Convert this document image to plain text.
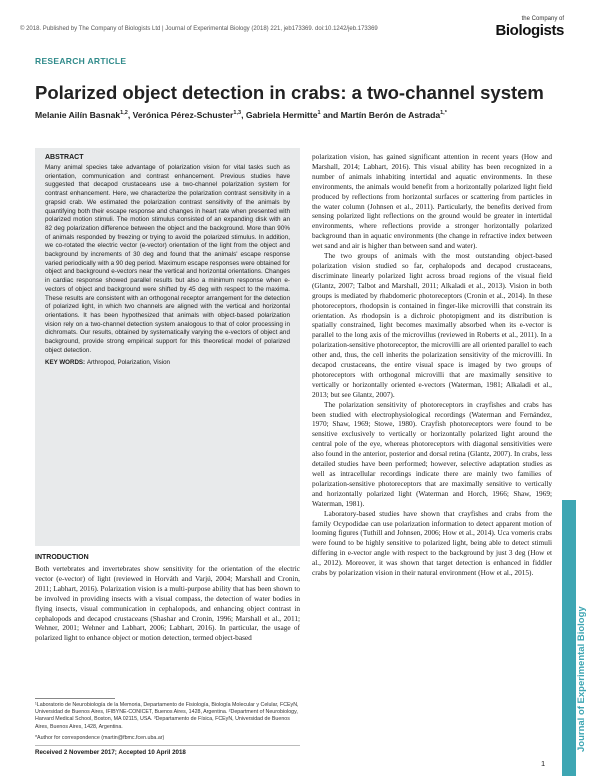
© 2018. Published by The Company of Biologists Ltd | Journal of Experimental Biology (2018) 221, jeb173369. doi:10.1242/jeb.173369
the Company of
Biologists
RESEARCH ARTICLE
Polarized object detection in crabs: a two-channel system
Melanie Ailín Basnak$^{1,2}$, Verónica Pérez-Schuster$^{1,3}$, Gabriela Hermitte$^1$ and Martín Berón de Astrada$^{1,*}$
ABSTRACT
Many animal species take advantage of polarization vision for vital tasks such as orientation, communication and contrast enhancement. Previous studies have suggested that decapod crustaceans use a two-channel polarization system for contrast enhancement. Here, we characterize the polarization contrast sensitivity in a grapsid crab. We estimated the polarization contrast sensitivity of the animals by quantifying both their escape response and changes in heart rate when presented with polarized motion stimuli. The motion stimulus consisted of an expanding disk with an 82 deg polarization difference between the object and the background. More than 90% of animals responded by freezing or trying to avoid the polarized stimulus. In addition, we co-rotated the electric vector (e-vector) orientation of the light from the object and background by increments of 30 deg and found that the animals' escape response varied periodically with a 90 deg period. Maximum escape responses were obtained for object and background e-vectors near the vertical and horizontal orientations. Changes in cardiac response showed parallel results but also a minimum response when e-vectors of object and background were shifted by 45 deg with respect to the maxima. These results are consistent with an orthogonal receptor arrangement for the detection of polarized light, in which two channels are aligned with the vertical and horizontal orientations. It has been hypothesized that animals with object-based polarization vision rely on a two-channel detection system analogous to that of color processing in dichromats. Our results, obtained by systematically varying the e-vectors of object and background, provide strong empirical support for this theoretical model of polarized object detection.
KEY WORDS: Arthropod, Polarization, Vision
INTRODUCTION
Both vertebrates and invertebrates show sensitivity for the orientation of the electric vector (e-vector) of light (reviewed in Horváth and Varjú, 2004; Marshall and Cronin, 2011; Labhart, 2016). Polarization vision is a multi-purpose ability that has been shown to be involved in providing insects with a visual compass, the detection of water bodies in flying insects, visual communication in cephalopods, and enhancing object contrast in cephalopods and decapod crustaceans (Shashar and Cronin, 1996; Marshall et al., 2011; Wehner, 2001; Wehner and Labhart, 2006; Labhart, 2016). In particular, the usage of polarized light to enhance object or motion detection, termed object-based
¹Laboratorio de Neurobiología de la Memoria, Departamento de Fisiología, Biología Molecular y Celular, FCEyN, Universidad de Buenos Aires, IFIBYNE-CONICET, Buenos Aires, 1428, Argentina. ²Department of Neurobiology, Harvard Medical School, Boston, MA 02115, USA. ³Departamento de Física, FCEyN, Universidad de Buenos Aires, Buenos Aires, 1428, Argentina.
*Author for correspondence (martin@fbmc.fcen.uba.ar)
Received 2 November 2017; Accepted 10 April 2018

polarization vision, has gained significant attention in recent years (How and Marshall, 2014; Labhart, 2016). This visual ability has been recognized in a number of animals inhabiting intertidal and aquatic environments. In these environments, the animals would benefit from a horizontally polarized light field produced by reflections from horizontal surfaces or scattering from particles in the water column (Johnsen et al., 2011). Particularly, the benefits derived from sensing polarized light reflections on the ground would be greater in intertidal environments, where reflections provide a stronger horizontally polarized background than in aquatic environments (the change in refractive index between wet sand and air is higher than between sand and water).

The two groups of animals with the most outstanding object-based polarization vision studied so far, cephalopods and decapod crustaceans, discriminate linearly polarized light across broad regions of the visual field (Glantz, 2007; Talbot and Marshall, 2011; Alkaladi et al., 2013). Vision in both groups is mediated by rhabdomeric photoreceptors (Cronin et al., 2014). In these photoreceptors, rhodopsin is contained in finger-like microvilli that constrain its orientation. As rhodopsin is a dichroic photopigment and its distribution is spatially constrained, light becomes maximally absorbed when its e-vector is parallel to the long axis of the microvillus (reviewed in Roberts et al., 2011). In a polarization-sensitive photoreceptor, the microvilli are all oriented parallel to each other and, thus, the cell inherits the polarization sensitivity of the microvilli. In decapod crustaceans, the entire visual space is imaged by two groups of photoreceptors with orthogonal microvilli that are maximally sensitive to vertically or horizontally oriented e-vectors (Waterman, 1981; Alkaladi et al., 2013; but see Glantz, 2007).

The polarization sensitivity of photoreceptors in crayfishes and crabs has been studied with electrophysiological recordings (Waterman and Fernández, 1970; Shaw, 1969; Stowe, 1980). Crayfish photoreceptors were found to be sensitive exclusively to vertically or horizontally polarized light around the central pole of the eye, whereas photoreceptors with diagonal sensitivities were also found in the anterior, posterior and dorsal retina (Glantz, 2007). In crabs, less detailed studies have been performed; however, selective adaptation studies as well as intracellular recordings indicate there are mainly two families of polarization-sensitive photoreceptors that are maximally sensitive to vertically and horizontally polarized light (Waterman and Horch, 1966; Shaw, 1969; Waterman, 1981).

Laboratory-based studies have shown that crayfishes and crabs from the family Ocypodidae can use polarization information to detect apparent motion of looming figures (Tuthill and Johnsen, 2006; How et al., 2014). Uca vomeris crabs were found to be highly sensitive to polarized light, being able to detect stimuli differing in e-vector angle with respect to the background by just 3 deg (How et al., 2012). Moreover, it was shown that target detection is enhanced in fiddler crabs by polarization vision in their natural environment (How et al., 2015).

Journal of Experimental Biology
1
